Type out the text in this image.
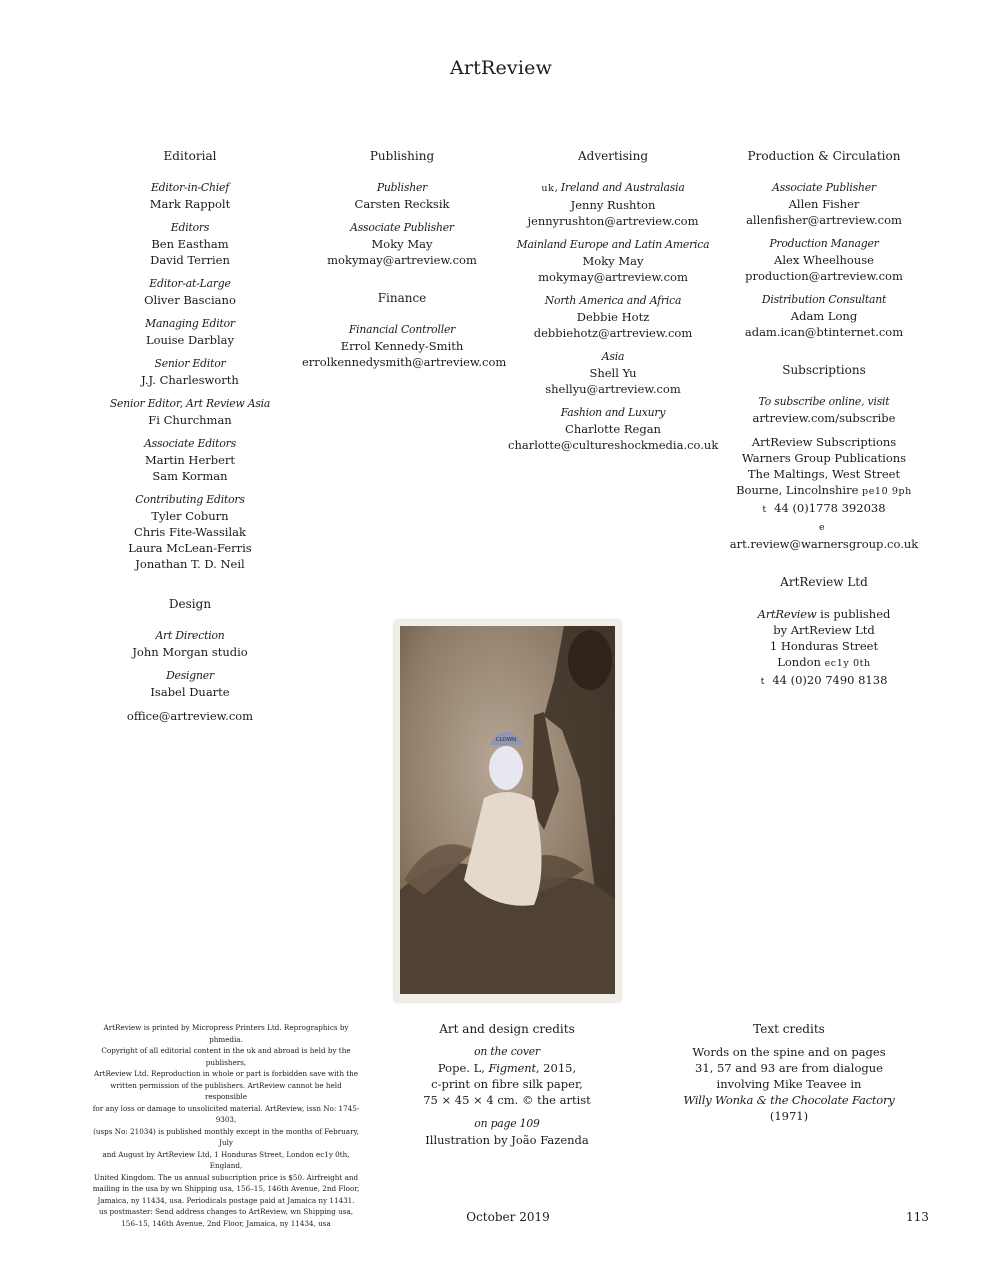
ArtReview
Editorial
Editor-in-Chief
Mark Rappolt
Editors
Ben Eastham
David Terrien
Editor-at-Large
Oliver Basciano
Managing Editor
Louise Darblay
Senior Editor
J.J. Charlesworth
Senior Editor, Art Review Asia
Fi Churchman
Associate Editors
Martin Herbert
Sam Korman
Contributing Editors
Tyler Coburn
Chris Fite-Wassilak
Laura McLean-Ferris
Jonathan T. D. Neil
Design
Art Direction
John Morgan studio
Designer
Isabel Duarte
office@artreview.com
Publishing
Publisher
Carsten Recksik
Associate Publisher
Moky May
mokymay@artreview.com
Finance
Financial Controller
Errol Kennedy-Smith
errolkennedysmith@artreview.com
Advertising
uk, Ireland and Australasia
Jenny Rushton
jennyrushton@artreview.com
Mainland Europe and Latin America
Moky May
mokymay@artreview.com
North America and Africa
Debbie Hotz
debbiehotz@artreview.com
Asia
Shell Yu
shellyu@artreview.com
Fashion and Luxury
Charlotte Regan
charlotte@cultureshockmedia.co.uk
Production & Circulation
Associate Publisher
Allen Fisher
allenfisher@artreview.com
Production Manager
Alex Wheelhouse
production@artreview.com
Distribution Consultant
Adam Long
adam.ican@btinternet.com
Subscriptions
To subscribe online, visit
artreview.com/subscribe
ArtReview Subscriptions
Warners Group Publications
The Maltings, West Street
Bourne, Lincolnshire pe10 9ph
t 44 (0)1778 392038
e  art.review@warnersgroup.co.uk
ArtReview Ltd
ArtReview is published
by ArtReview Ltd
1 Honduras Street
London ec1y 0th
t 44 (0)20 7490 8138
CLOWN
ArtReview is printed by Micropress Printers Ltd. Reprographics by phmedia.
Copyright of all editorial content in the uk and abroad is held by the publishers,
ArtReview Ltd. Reproduction in whole or part is forbidden save with the
written permission of the publishers. ArtReview cannot be held responsible
for any loss or damage to unsolicited material. ArtReview, issn No: 1745-9303,
(usps No: 21034) is published monthly except in the months of February, July
and August by ArtReview Ltd, 1 Honduras Street, London ec1y 0th, England,
United Kingdom. The us annual subscription price is $50. Airfreight and
mailing in the usa by wn Shipping usa, 156–15, 146th Avenue, 2nd Floor,
Jamaica, ny 11434, usa. Periodicals postage paid at Jamaica ny 11431.
us postmaster: Send address changes to ArtReview, wn Shipping usa,
156–15, 146th Avenue, 2nd Floor, Jamaica, ny 11434, usa
Art and design credits
on the cover
Pope. L, Figment, 2015,
c-print on fibre silk paper,
75 × 45 × 4 cm. © the artist
on page 109
Illustration by João Fazenda
Text credits
Words on the spine and on pages
31, 57 and 93 are from dialogue
involving Mike Teavee in
Willy Wonka & the Chocolate Factory (1971)
October 2019	113
